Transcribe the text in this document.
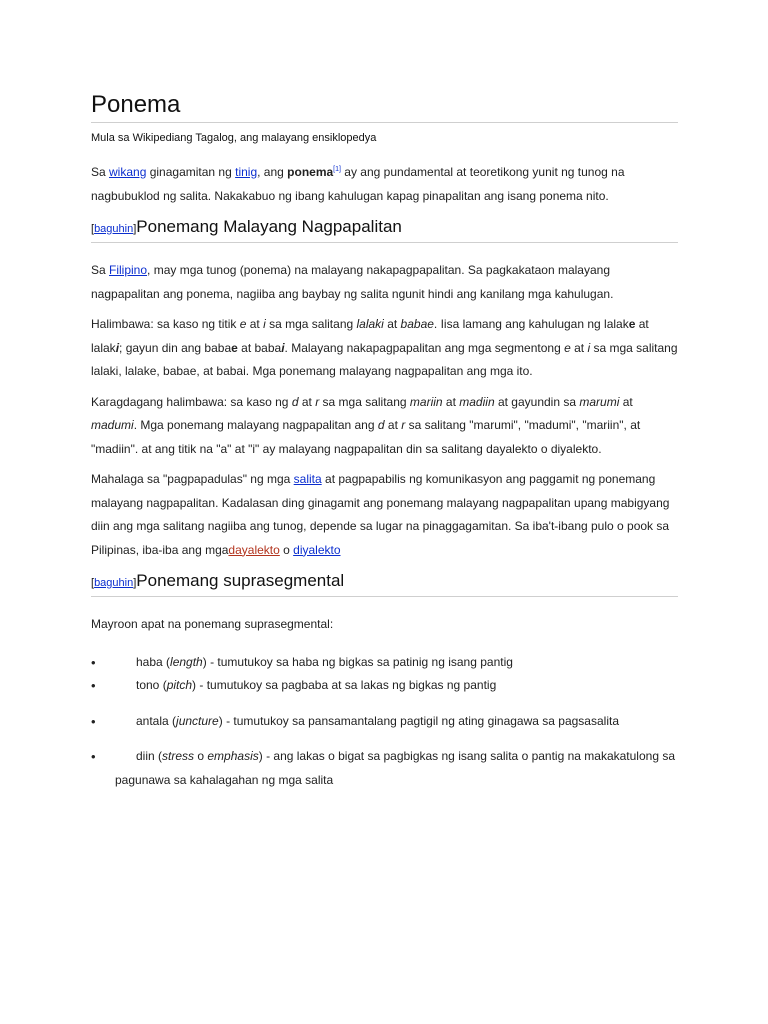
Ponema
Mula sa Wikipediang Tagalog, ang malayang ensiklopedya

Sa wikang ginagamitan ng tinig, ang ponema[1] ay ang pundamental at teoretikong yunit ng tunog na nagbubuklod ng salita. Nakakabuo ng ibang kahulugan kapag pinapalitan ang isang ponema nito.

[baguhin]Ponemang Malayang Nagpapalitan

Sa Filipino, may mga tunog (ponema) na malayang nakapagpapalitan. Sa pagkakataon malayang nagpapalitan ang ponema, nagiiba ang baybay ng salita ngunit hindi ang kanilang mga kahulugan.

Halimbawa: sa kaso ng titik e at i sa mga salitang lalaki at babae. Iisa lamang ang kahulugan ng lalake at lalaki; gayun din ang babae at babai. Malayang nakapagpapalitan ang mga segmentong e at i sa mga salitang lalaki, lalake, babae, at babai. Mga ponemang malayang nagpapalitan ang mga ito.

Karagdagang halimbawa: sa kaso ng d at r sa mga salitang mariin at madiin at gayundin sa marumi at madumi. Mga ponemang malayang nagpapalitan ang d at r sa salitang "marumi", "madumi", "mariin", at "madiin". at ang titik na "a" at "i" ay malayang nagpapalitan din sa salitang dayalekto o diyalekto.

Mahalaga sa "pagpapadulas" ng mga salita at pagpapabilis ng komunikasyon ang paggamit ng ponemang malayang nagpapalitan. Kadalasan ding ginagamit ang ponemang malayang nagpapalitan upang mabigyang diin ang mga salitang nagiiba ang tunog, depende sa lugar na pinaggagamitan. Sa iba't-ibang pulo o pook sa Pilipinas, iba-iba ang mgadayalekto o diyalekto

[baguhin]Ponemang suprasegmental

Mayroon apat na ponemang suprasegmental:

•	haba (length) - tumutukoy sa haba ng bigkas sa patinig ng isang pantig
•	tono (pitch) - tumutukoy sa pagbaba at sa lakas ng bigkas ng pantig
•	antala (juncture) - tumutukoy sa pansamantalang pagtigil ng ating ginagawa sa pagsasalita
•	diin (stress o emphasis) - ang lakas o bigat sa pagbigkas ng isang salita o pantig na makakatulong sa
pagunawa sa kahalagahan ng mga salita
